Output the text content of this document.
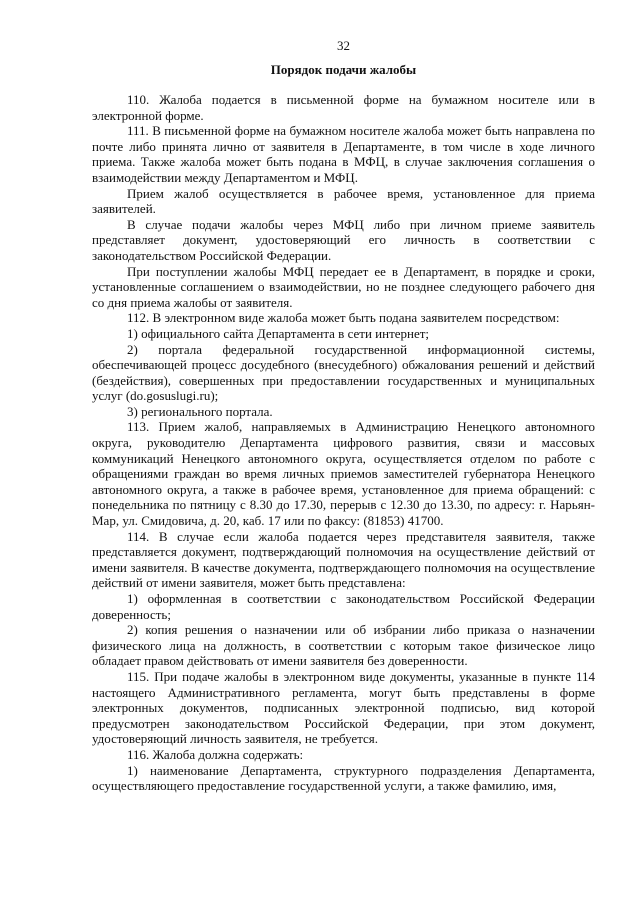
32
Порядок подачи жалобы

110. Жалоба подается в письменной форме на бумажном носителе или в электронной форме.

111. В письменной форме на бумажном носителе жалоба может быть направлена по почте либо принята лично от заявителя в Департаменте, в том числе в ходе личного приема. Также жалоба может быть подана в МФЦ, в случае заключения соглашения о взаимодействии между Департаментом и МФЦ.

Прием жалоб осуществляется в рабочее время, установленное для приема заявителей.

В случае подачи жалобы через МФЦ либо при личном приеме заявитель представляет документ, удостоверяющий его личность в соответствии с законодательством Российской Федерации.

При поступлении жалобы МФЦ передает ее в Департамент, в порядке и сроки, установленные соглашением о взаимодействии, но не позднее следующего рабочего дня со дня приема жалобы от заявителя.

112. В электронном виде жалоба может быть подана заявителем посредством:

1) официального сайта Департамента в сети интернет;

2) портала федеральной государственной информационной системы, обеспечивающей процесс досудебного (внесудебного) обжалования решений и действий (бездействия), совершенных при предоставлении государственных и муниципальных услуг (do.gosuslugi.ru);

3) регионального портала.

113. Прием жалоб, направляемых в Администрацию Ненецкого автономного округа, руководителю Департамента цифрового развития, связи и массовых коммуникаций Ненецкого автономного округа, осуществляется отделом по работе с обращениями граждан во время личных приемов заместителей губернатора Ненецкого автономного округа, а также в рабочее время, установленное для приема обращений: с понедельника по пятницу с 8.30 до 17.30, перерыв с 12.30 до 13.30, по адресу: г. Нарьян-Мар, ул. Смидовича, д. 20, каб. 17 или по факсу: (81853) 41700.

114. В случае если жалоба подается через представителя заявителя, также представляется документ, подтверждающий полномочия на осуществление действий от имени заявителя. В качестве документа, подтверждающего полномочия на осуществление действий от имени заявителя, может быть представлена:

1) оформленная в соответствии с законодательством Российской Федерации доверенность;

2) копия решения о назначении или об избрании либо приказа о назначении физического лица на должность, в соответствии с которым такое физическое лицо обладает правом действовать от имени заявителя без доверенности.

115. При подаче жалобы в электронном виде документы, указанные в пункте 114 настоящего Административного регламента, могут быть представлены в форме электронных документов, подписанных электронной подписью, вид которой предусмотрен законодательством Российской Федерации, при этом документ, удостоверяющий личность заявителя, не требуется.

116. Жалоба должна содержать:

1) наименование Департамента, структурного подразделения Департамента, осуществляющего предоставление государственной услуги, а также фамилию, имя,
